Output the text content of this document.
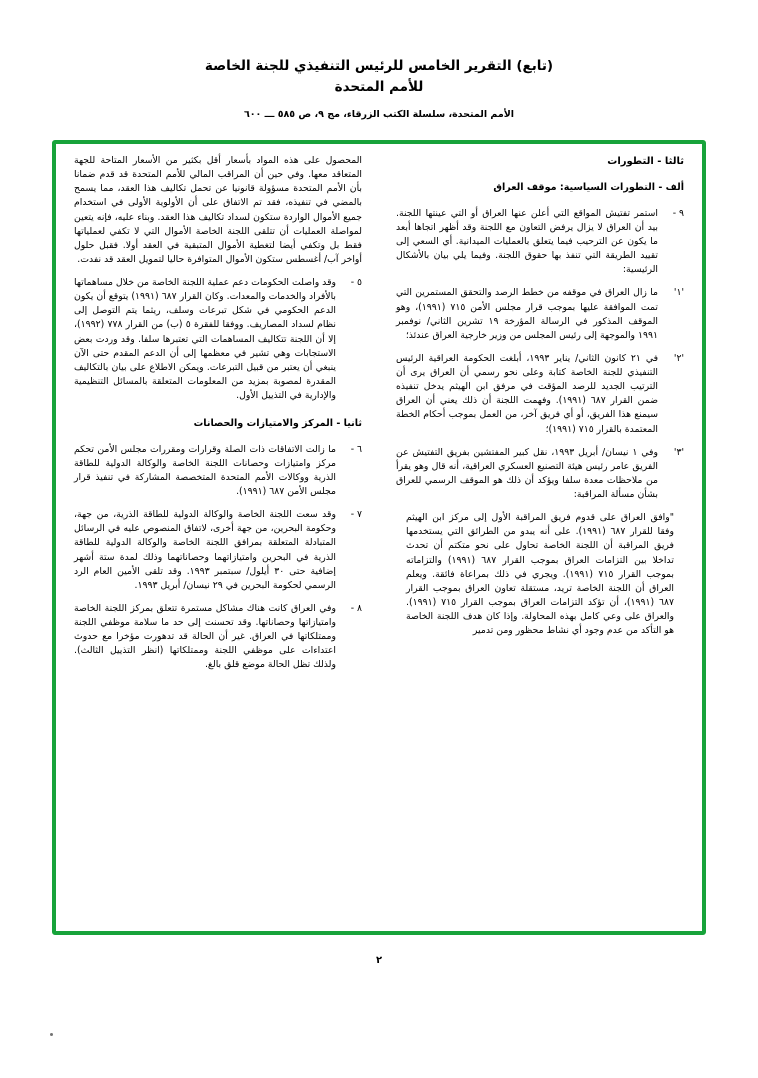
(تابع) التقرير الخامس للرئيس التنفيذي للجنة الخاصة
للأمم المتحدة
الأمم المتحدة، سلسلة الكتب الزرقاء، مج ٩، ص ٥٨٥ ـــ ٦٠٠
ثالثا - التطورات
ألف - التطورات السياسية: موقف العراق
٩ -
استمر تفتيش المواقع التي أعلن عنها العراق أو التي عينتها اللجنة. بيد أن العراق لا يزال يرفض التعاون مع اللجنة وقد أظهر اتجاها أبعد ما يكون عن الترحيب فيما يتعلق بالعمليات الميدانية. أي السعي إلى تقييد الطريقة التي تنفذ بها حقوق اللجنة. وفيما يلي بيان بالأشكال الرئيسية:
'١'
ما زال العراق في موقفه من خطط الرصد والتحقق المستمرين التي تمت الموافقة عليها بموجب قرار مجلس الأمن ٧١٥ (١٩٩١)، وهو الموقف المذكور في الرسالة المؤرخة ١٩ تشرين الثاني/ نوفمبر ١٩٩١ والموجهة إلى رئيس المجلس من وزير خارجية العراق عندئذ؛
'٢'
في ٢١ كانون الثاني/ يناير ١٩٩٣، أبلغت الحكومة العراقية الرئيس التنفيذي للجنة الخاصة كتابة وعلى نحو رسمي أن العراق يرى أن الترتيب الجديد للرصد المؤقت في مرفق ابن الهيثم يدخل تنفيذه ضمن القرار ٦٨٧ (١٩٩١). وفهمت اللجنة أن ذلك يعني أن العراق سيمنع هذا الفريق، أو أي فريق آخر، من العمل بموجب أحكام الخطة المعتمدة بالقرار ٧١٥ (١٩٩١)؛
'٣'
وفي ١ نيسان/ أبريل ١٩٩٣، نقل كبير المفتشين بفريق التفتيش عن الفريق عامر رئيس هيئة التصنيع العسكري العراقية، أنه قال وهو يقرأ من ملاحظات معدة سلفا ويؤكد أن ذلك هو الموقف الرسمي للعراق بشأن مسألة المراقبة:
"وافق العراق على قدوم فريق المراقبة الأول إلى مركز ابن الهيثم وفقا للقرار ٦٨٧ (١٩٩١). على أنه يبدو من الطرائق التي يستخدمها فريق المراقبة أن اللجنة الخاصة تحاول على نحو متكتم أن تحدث تداخلا بين التزامات العراق بموجب القرار ٦٨٧ (١٩٩١) والتزاماته بموجب القرار ٧١٥ (١٩٩١). ويجري في ذلك بمراعاة فائقة. ويعلم العراق أن اللجنة الخاصة تريد، مستقلة تعاون العراق بموجب القرار ٦٨٧ (١٩٩١)، أن تؤكد التزامات العراق بموجب القرار ٧١٥ (١٩٩١). والعراق على وعي كامل بهذه المحاولة. وإذا كان هدف اللجنة الخاصة هو التأكد من عدم وجود أي نشاط محظور ومن تدمير

المحصول على هذه المواد بأسعار أقل بكثير من الأسعار المتاحة للجهة المتعاقد معها. وفي حين أن المراقب المالي للأمم المتحدة قد قدم ضمانا بأن الأمم المتحدة مسؤولة قانونيا عن تحمل تكاليف هذا العقد، مما يسمح بالمضي في تنفيذه، فقد تم الاتفاق على أن الأولوية الأولى في استخدام جميع الأموال الواردة ستكون لسداد تكاليف هذا العقد. وبناء عليه، فإنه يتعين لمواصلة العمليات أن تتلقى اللجنة الخاصة الأموال التي لا تكفي لعملياتها فقط بل وتكفي أيضا لتغطية الأموال المتبقية في العقد أولا. فقبل حلول أواخر آب/ أغسطس ستكون الأموال المتوافرة حاليا لتمويل العقد قد نفدت.

٥ -
وقد واصلت الحكومات دعم عملية اللجنة الخاصة من خلال مساهماتها بالأفراد والخدمات والمعدات. وكان القرار ٦٨٧ (١٩٩١) يتوقع أن يكون الدعم الحكومي في شكل تبرعات وسلف، ريثما يتم التوصل إلى نظام لسداد المصاريف. ووفقا للفقرة ٥ (ب) من القرار ٧٧٨ (١٩٩٢)، إلا أن اللجنة تتكاليف المساهمات التي تعتبرها سلفا. وقد وردت بعض الاستجابات وهي تشير في معظمها إلى أن الدعم المقدم حتى الآن ينبغي أن يعتبر من قبيل التبرعات. ويمكن الاطلاع على بيان بالتكاليف المقدرة لمصوبة بمزيد من المعلومات المتعلقة بالمسائل التنظيمية والإدارية في التذييل الأول.
ثانيا - المركز والامتيازات والحصانات
٦ -
ما زالت الاتفاقات ذات الصلة وقرارات ومقررات مجلس الأمن تحكم مركز وامتيازات وحصانات اللجنة الخاصة والوكالة الدولية للطاقة الذرية ووكالات الأمم المتحدة المتخصصة المشاركة في تنفيذ قرار مجلس الأمن ٦٨٧ (١٩٩١).
٧ -
وقد سعت اللجنة الخاصة والوكالة الدولية للطاقة الذرية، من جهة، وحكومة البحرين، من جهة أخرى، لاتفاق المنصوص عليه في الرسائل المتبادلة المتعلقة بمرافق اللجنة الخاصة والوكالة الدولية للطاقة الذرية في البحرين وامتيازاتهما وحصاناتهما وذلك لمدة ستة أشهر إضافية حتى ٣٠ أيلول/ سبتمبر ١٩٩٣. وقد تلقى الأمين العام الرد الرسمي لحكومة البحرين في ٢٩ نيسان/ أبريل ١٩٩٣.
٨ -
وفي العراق كانت هناك مشاكل مستمرة تتعلق بمركز اللجنة الخاصة وامتيازاتها وحصاناتها. وقد تحسنت إلى حد ما سلامة موظفي اللجنة وممتلكاتها في العراق. غير أن الحالة قد تدهورت مؤخرا مع حدوث اعتداءات على موظفي اللجنة وممتلكاتها (انظر التذييل الثالث). ولذلك تظل الحالة موضع قلق بالغ.
٢
